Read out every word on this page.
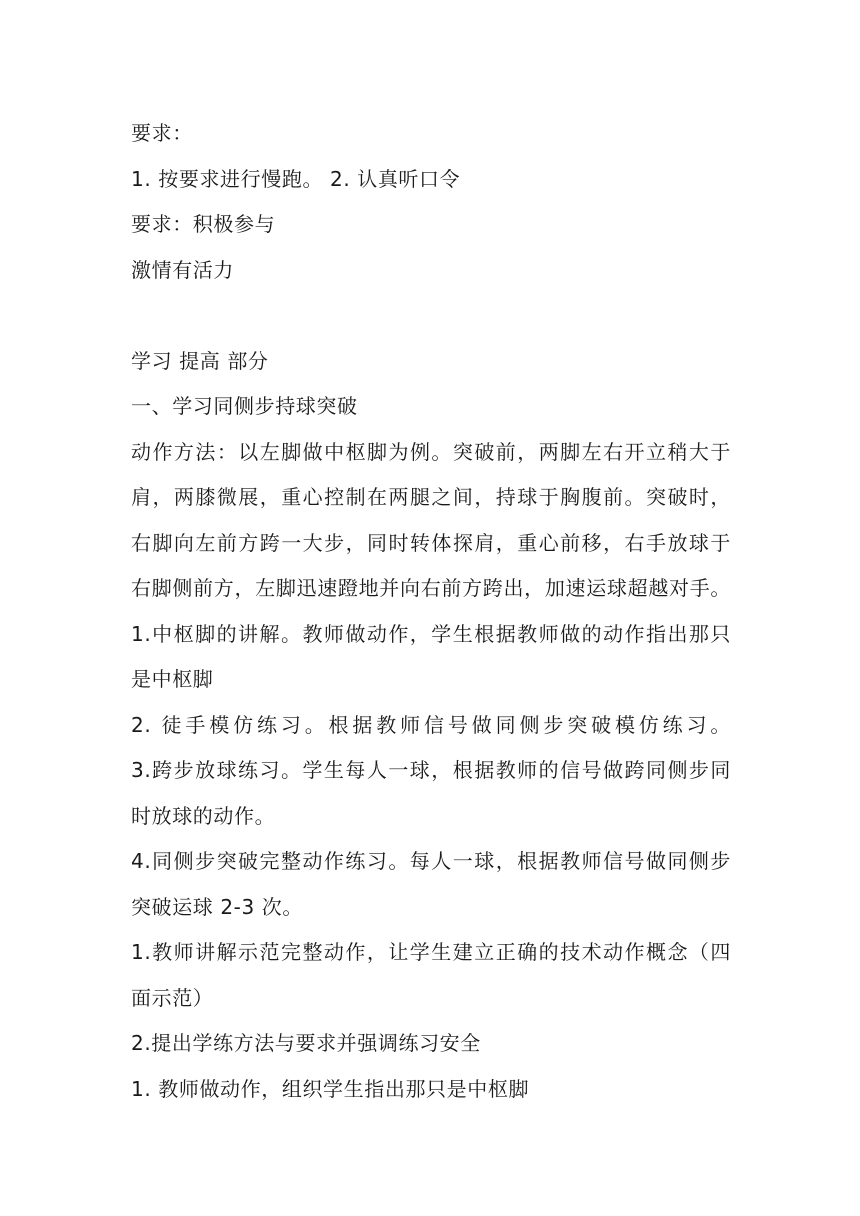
要求：
1. 按要求进行慢跑。 2. 认真听口令
要求：积极参与
激情有活力
学习 提高 部分
一、学习同侧步持球突破
动作方法：以左脚做中枢脚为例。突破前，两脚左右开立稍大于
肩，两膝微展，重心控制在两腿之间，持球于胸腹前。突破时，
右脚向左前方跨一大步，同时转体探肩，重心前移，右手放球于
右脚侧前方，左脚迅速蹬地并向右前方跨出，加速运球超越对手。
1.中枢脚的讲解。教师做动作，学生根据教师做的动作指出那只
是中枢脚
2. 徒手模仿练习。根据教师信号做同侧步突破模仿练习。
3.跨步放球练习。学生每人一球，根据教师的信号做跨同侧步同
时放球的动作。
4.同侧步突破完整动作练习。每人一球，根据教师信号做同侧步
突破运球 2-3 次。
1.教师讲解示范完整动作，让学生建立正确的技术动作概念（四
面示范）
2.提出学练方法与要求并强调练习安全
1. 教师做动作，组织学生指出那只是中枢脚
